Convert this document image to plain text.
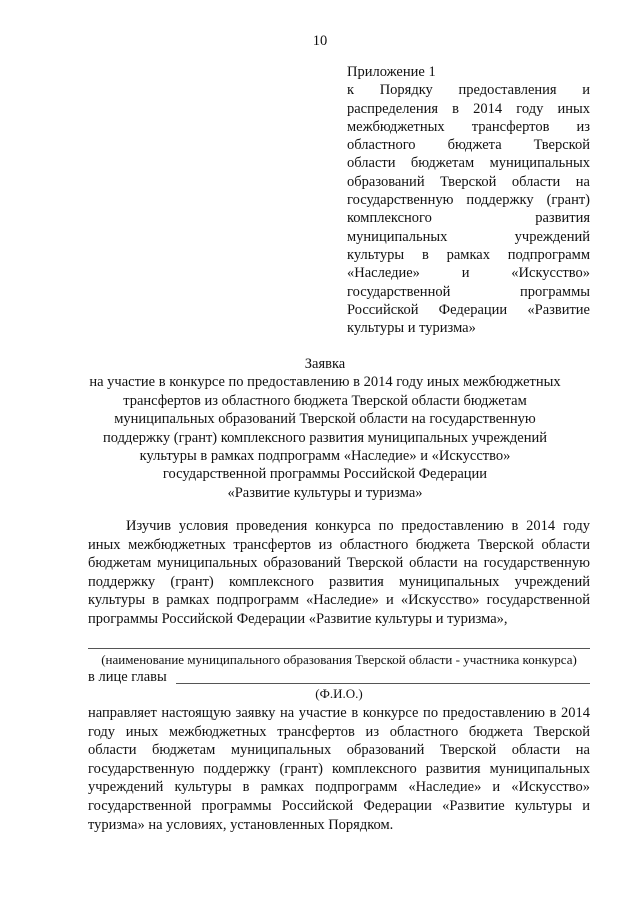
10
Приложение 1
к Порядку предоставления и
распределения в 2014 году иных
межбюджетных трансфертов из
областного бюджета Тверской
области бюджетам муниципальных
образований Тверской области на
государственную поддержку (грант)
комплексного развития
муниципальных учреждений
культуры в рамках подпрограмм
«Наследие» и «Искусство»
государственной программы
Российской Федерации «Развитие
культуры и туризма»
Заявка
на участие в конкурсе по предоставлению в 2014 году иных межбюджетных
трансфертов из областного бюджета Тверской области бюджетам
муниципальных образований Тверской области на государственную
поддержку (грант) комплексного развития муниципальных учреждений
культуры в рамках подпрограмм «Наследие» и «Искусство»
государственной программы Российской Федерации
«Развитие культуры и туризма»

Изучив условия проведения конкурса по предоставлению в 2014 году иных межбюджетных трансфертов из областного бюджета Тверской области бюджетам муниципальных образований Тверской области на государственную поддержку (грант) комплексного развития муниципальных учреждений культуры в рамках подпрограмм «Наследие» и «Искусство» государственной программы Российской Федерации «Развитие культуры и туризма»,

(наименование муниципального образования Тверской области - участника конкурса)
в лице главы
(Ф.И.О.)

направляет настоящую заявку на участие в конкурсе по предоставлению в 2014 году иных межбюджетных трансфертов из областного бюджета Тверской области бюджетам муниципальных образований Тверской области на государственную поддержку (грант) комплексного развития муниципальных учреждений культуры в рамках подпрограмм «Наследие» и «Искусство» государственной программы Российской Федерации «Развитие культуры и туризма» на условиях, установленных Порядком.
